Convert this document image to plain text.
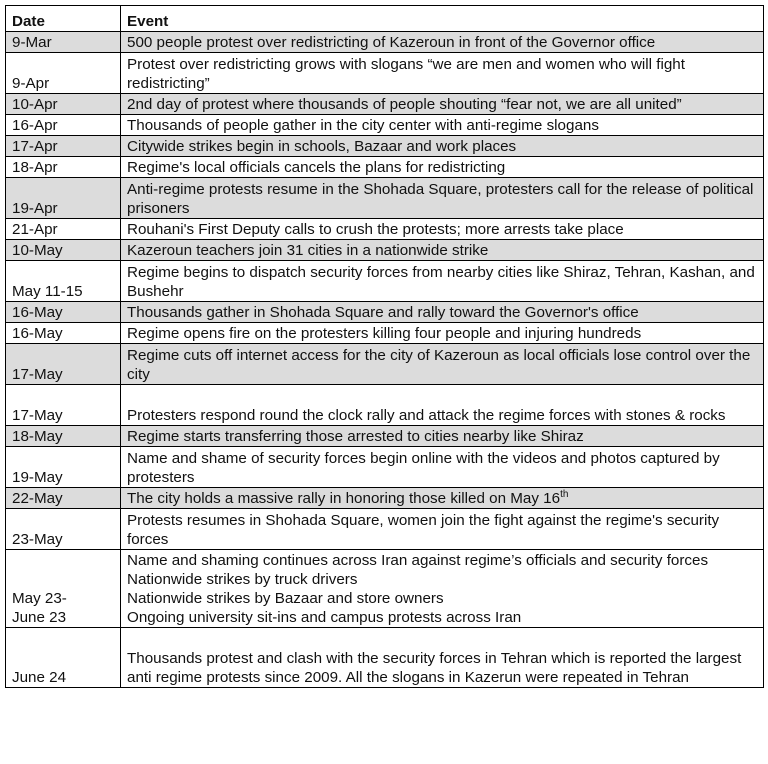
Date	Event
9-Mar	500 people protest over redistricting of Kazeroun in front of the Governor office
9-Apr	Protest over redistricting grows with slogans “we are men and women who will fight redistricting”
10-Apr	2nd day of protest where thousands of people shouting “fear not, we are all united”
16-Apr	Thousands of people gather in the city center with anti-regime slogans
17-Apr	Citywide strikes begin in schools, Bazaar and work places
18-Apr	Regime's local officials cancels the plans for redistricting
19-Apr	Anti-regime protests resume in the Shohada Square, protesters call for the release of political prisoners
21-Apr	Rouhani's First Deputy calls to crush the protests; more arrests take place
10-May	Kazeroun teachers join 31 cities in a nationwide strike
May 11-15	Regime begins to dispatch security forces from nearby cities like Shiraz, Tehran, Kashan, and Bushehr
16-May	Thousands gather in Shohada Square and rally toward the Governor's office
16-May	Regime opens fire on the protesters killing four people and injuring hundreds
17-May	Regime cuts off internet access for the city of Kazeroun as local officials lose control over the city
17-May	Protesters respond round the clock rally and attack the regime forces with stones & rocks
18-May	Regime starts transferring those arrested to cities nearby like Shiraz
19-May	Name and shame of security forces begin online with the videos and photos captured by protesters
22-May	The city holds a massive rally in honoring those killed on May 16th
23-May	Protests resumes in Shohada Square, women join the fight against the regime's security forces
May 23-
June 23	Name and shaming continues across Iran against regime’s officials and security forces
Nationwide strikes by truck drivers
Nationwide strikes by Bazaar and store owners
Ongoing university sit-ins and campus protests across Iran
June 24	Thousands protest and clash with the security forces in Tehran which is reported the largest anti regime protests since 2009. All the slogans in Kazerun were repeated in Tehran
